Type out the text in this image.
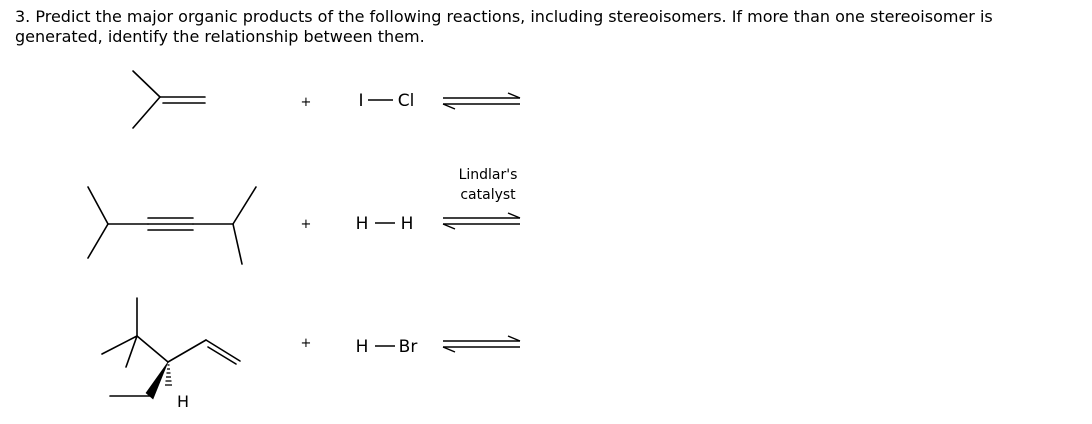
3. Predict the major organic products of the following reactions, including stereoisomers. If more than one stereoisomer is generated, identify the relationship between them.
+	I Cl
+	H H
Lindlar's
catalyst
H
+	H Br
